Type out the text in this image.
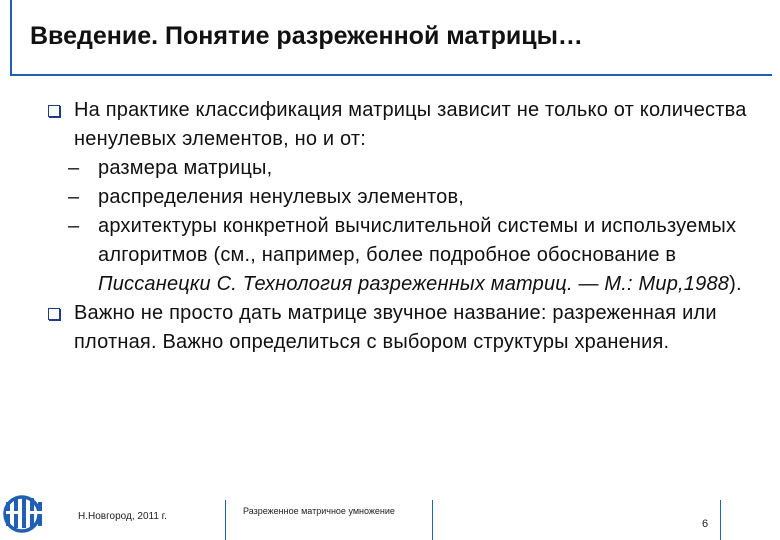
Введение. Понятие разреженной матрицы…
На практике классификация матрицы зависит не только от количества ненулевых элементов, но и от:
– размера матрицы,
– распределения ненулевых элементов,
– архитектуры конкретной вычислительной системы и используемых алгоритмов (см., например, более подробное обоснование в Писсанецки С. Технология разреженных матриц. — М.: Мир,1988).
Важно не просто дать матрице звучное название: разреженная или плотная. Важно определиться с выбором структуры хранения.
Н.Новгород, 2011 г.	Разреженное матричное умножение
6
